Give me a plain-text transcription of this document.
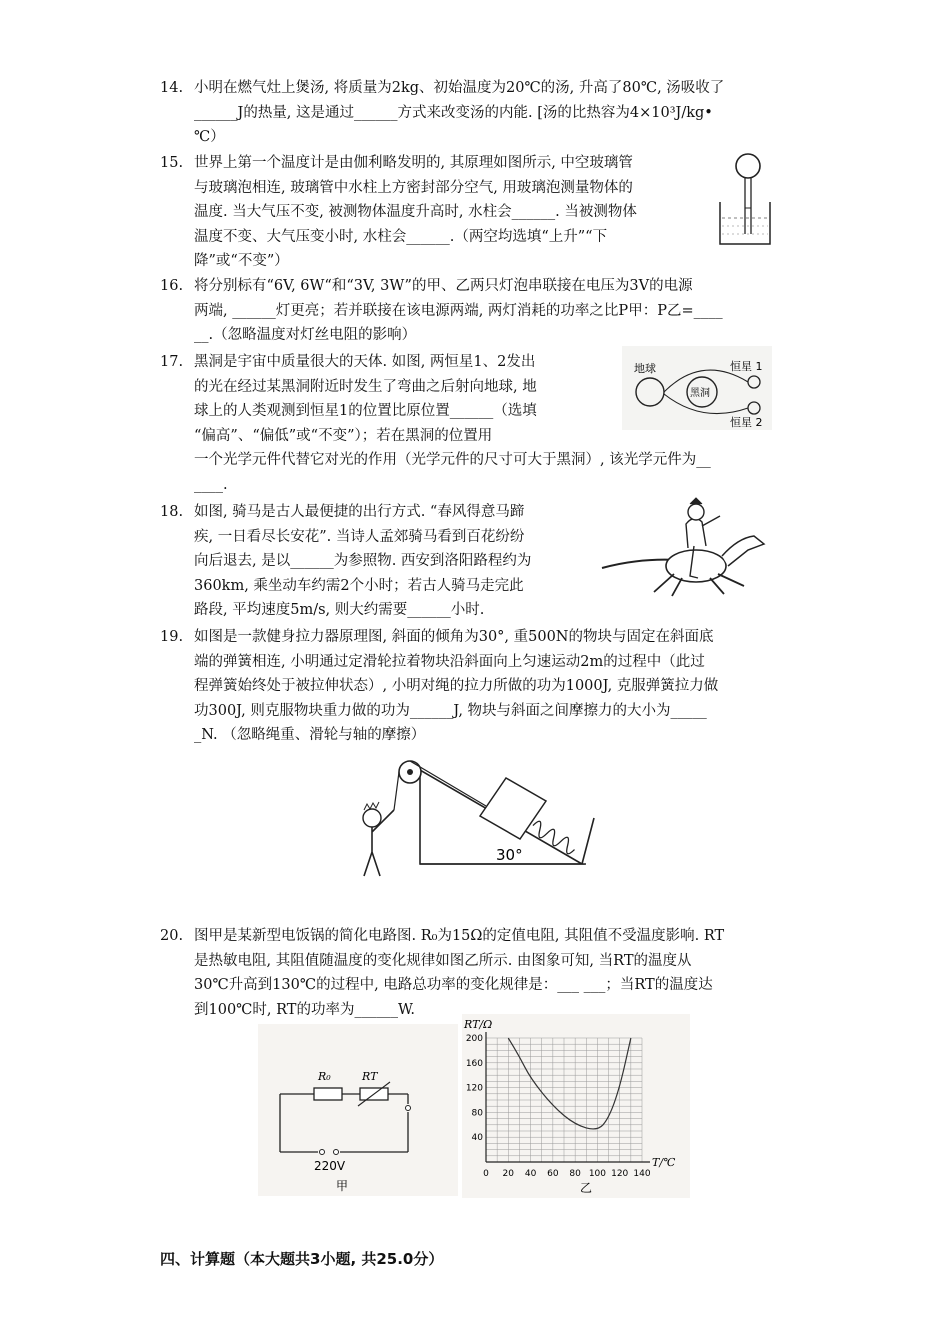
14. 小明在燃气灶上煲汤, 将质量为2kg、初始温度为20℃的汤, 升高了80℃, 汤吸收了
______J的热量, 这是通过______方式来改变汤的内能. [汤的比热容为4×10³J/kg•
℃）
15. 世界上第一个温度计是由伽利略发明的, 其原理如图所示, 中空玻璃管
与玻璃泡相连, 玻璃管中水柱上方密封部分空气, 用玻璃泡测量物体的
温度. 当大气压不变, 被测物体温度升高时, 水柱会______. 当被测物体
温度不变、大气压变小时, 水柱会______.（两空均选填“上升”“下
降”或“不变”）
16. 将分别标有“6V, 6W“和“3V, 3W”的甲、乙两只灯泡串联接在电压为3V的电源
两端, ______灯更亮；若并联接在该电源两端, 两灯消耗的功率之比P甲：P乙=____
__.（忽略温度对灯丝电阻的影响）
17. 黑洞是宇宙中质量很大的天体. 如图, 两恒星1、2发出
的光在经过某黑洞附近时发生了弯曲之后射向地球, 地
球上的人类观测到恒星1的位置比原位置______（选填
“偏高”、“偏低”或“不变”）；若在黑洞的位置用
一个光学元件代替它对光的作用（光学元件的尺寸可大于黑洞）, 该光学元件为__
____.
地球
黑洞
恒星 1
恒星 2
18. 如图, 骑马是古人最便捷的出行方式. “春风得意马蹄
疾, 一日看尽长安花”. 当诗人孟郊骑马看到百花纷纷
向后退去, 是以______为参照物. 西安到洛阳路程约为
360km, 乘坐动车约需2个小时；若古人骑马走完此
路段, 平均速度5m/s, 则大约需要______小时.
19. 如图是一款健身拉力器原理图, 斜面的倾角为30°, 重500N的物块与固定在斜面底
端的弹簧相连, 小明通过定滑轮拉着物块沿斜面向上匀速运动2m的过程中（此过
程弹簧始终处于被拉伸状态）, 小明对绳的拉力所做的功为1000J, 克服弹簧拉力做
功300J, 则克服物块重力做的功为______J, 物块与斜面之间摩擦力的大小为_____
_N. （忽略绳重、滑轮与轴的摩擦）
30°
20. 图甲是某新型电饭锅的简化电路图. R₀为15Ω的定值电阻, 其阻值不受温度影响. RT
是热敏电阻, 其阻值随温度的变化规律如图乙所示. 由图象可知, 当RT的温度从
30℃升高到130℃的过程中, 电路总功率的变化规律是：___ ___；当RT的温度达
到100℃时, RT的功率为______W.
R₀	RT
220V
甲
0 20 40 60 80 100 120 140
40
80
120
160
200
RT/Ω
T/℃
乙
四、计算题（本大题共3小题, 共25.0分）
